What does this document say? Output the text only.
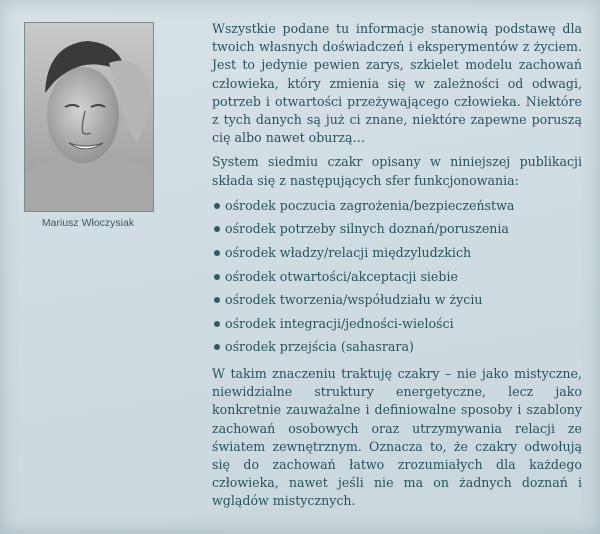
Mariusz Włoczysiak

Wszystkie podane tu informacje stanowią podstawę dla twoich własnych doświadczeń i eksperymentów z życiem. Jest to jedynie pewien zarys, szkielet modelu zachowań człowieka, który zmienia się w zależności od odwagi, potrzeb i otwartości przeżywającego człowieka. Niektóre z tych danych są już ci znane, niektóre zapewne poruszą cię albo nawet oburzą…

System siedmiu czakr opisany w niniejszej publikacji składa się z następujących sfer funkcjonowania:

ośrodek poczucia zagrożenia/bezpieczeństwa
ośrodek potrzeby silnych doznań/poruszenia
ośrodek władzy/relacji międzyludzkich
ośrodek otwartości/akceptacji siebie
ośrodek tworzenia/współudziału w życiu
ośrodek integracji/jedności-wielości
ośrodek przejścia (sahasrara)

W takim znaczeniu traktuję czakry – nie jako mistyczne, niewidzialne struktury energetyczne, lecz jako konkretnie zauważalne i definiowalne sposoby i szablony zachowań osobowych oraz utrzymywania relacji ze światem zewnętrznym. Oznacza to, że czakry odwołują się do zachowań łatwo zrozumiałych dla każdego człowieka, nawet jeśli nie ma on żadnych doznań i wglądów mistycznych.
